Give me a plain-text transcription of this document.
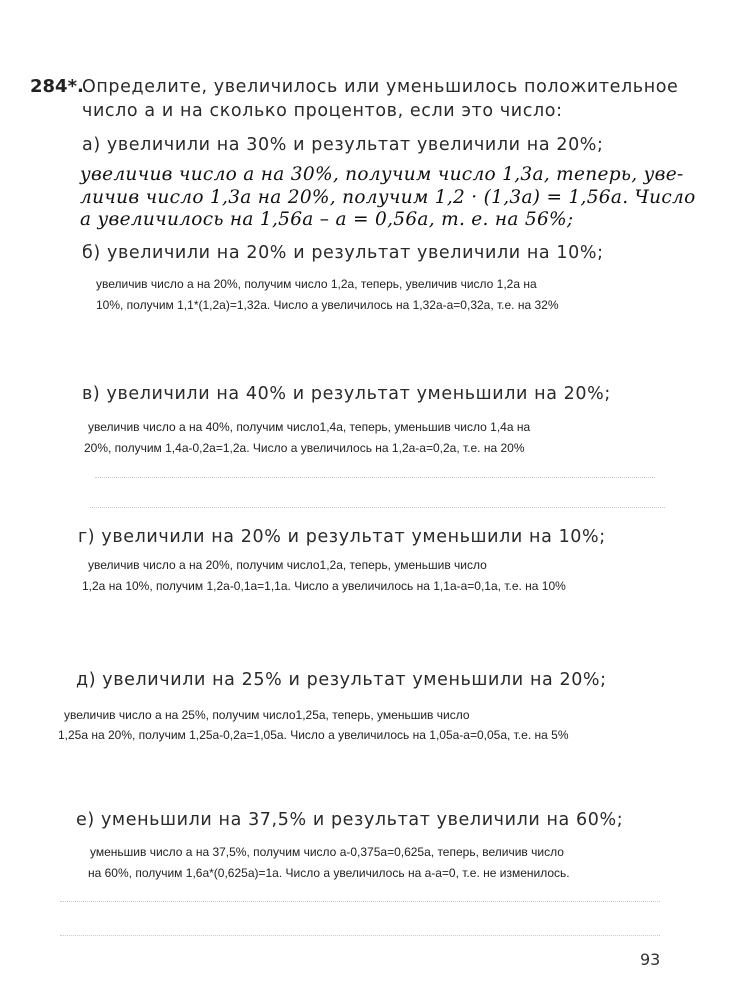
284*.
Определите, увеличилось или уменьшилось положительное
число a и на сколько процентов, если это число:
а) увеличили на 30% и результат увеличили на 20%;
увеличив число a на 30%, получим число 1,3a, теперь, уве-
личив число 1,3a на 20%, получим 1,2 · (1,3a) = 1,56a. Число
a увеличилось на 1,56a – a = 0,56a, т. е. на 56%;
б) увеличили на 20% и результат увеличили на 10%;
увеличив число а на 20%, получим число 1,2а, теперь, увеличив число 1,2а на
10%, получим 1,1*(1,2а)=1,32а. Число а увеличилось на 1,32а-а=0,32а, т.е. на 32%
в) увеличили на 40% и результат уменьшили на 20%;
увеличив число а на 40%, получим число1,4а, теперь, уменьшив число 1,4а на
20%, получим 1,4а-0,2а=1,2а. Число а увеличилось на 1,2а-а=0,2а, т.е. на 20%
г) увеличили на 20% и результат уменьшили на 10%;
увеличив число а на 20%, получим число1,2а, теперь, уменьшив число
1,2а на 10%, получим 1,2а-0,1а=1,1а. Число а увеличилось на 1,1а-а=0,1а, т.е. на 10%
д) увеличили на 25% и результат уменьшили на 20%;
увеличив число а на 25%, получим число1,25а, теперь, уменьшив число
1,25а на 20%, получим 1,25а-0,2а=1,05а. Число а увеличилось на 1,05а-а=0,05а, т.е. на 5%
е) уменьшили на 37,5% и результат увеличили на 60%;
уменьшив число а на 37,5%, получим число а-0,375а=0,625а, теперь, величив число
на 60%, получим 1,6а*(0,625а)=1а. Число а увеличилось на а-а=0, т.е. не изменилось.
93
